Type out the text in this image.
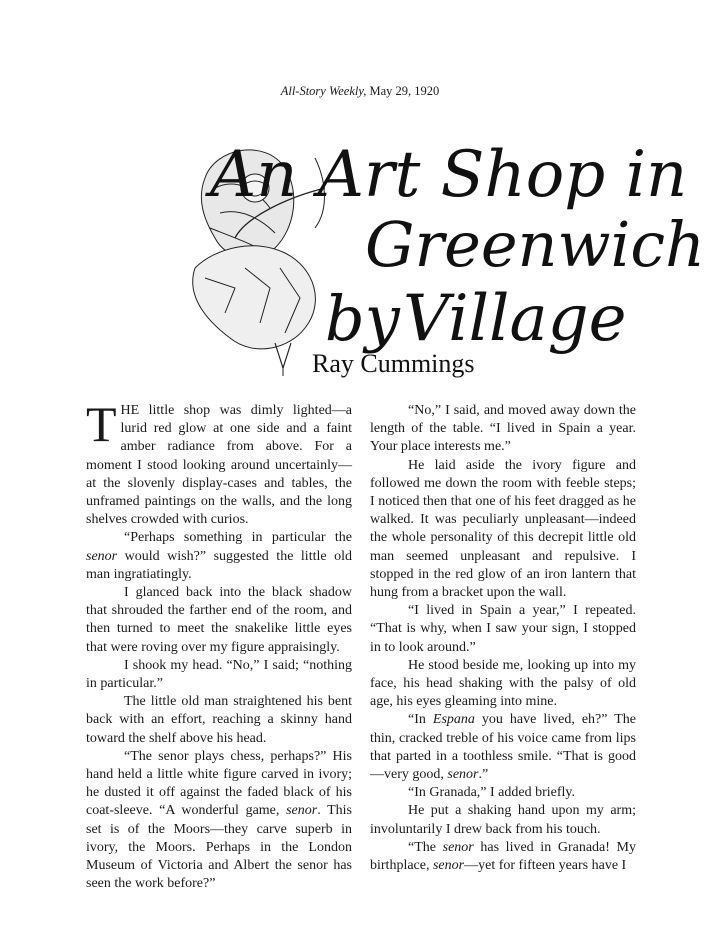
All-Story Weekly, May 29, 1920
An Art Shop in
Greenwich
by Village
Ray Cummings

THE little shop was dimly lighted—a lurid red glow at one side and a faint amber radiance from above. For a moment I stood looking around uncertainly—at the slovenly display-cases and tables, the unframed paintings on the walls, and the long shelves crowded with curios.

“Perhaps something in particular the senor would wish?” suggested the little old man ingratiatingly.

I glanced back into the black shadow that shrouded the farther end of the room, and then turned to meet the snakelike little eyes that were roving over my figure appraisingly.

I shook my head. “No,” I said; “nothing in particular.”

The little old man straightened his bent back with an effort, reaching a skinny hand toward the shelf above his head.

“The senor plays chess, perhaps?” His hand held a little white figure carved in ivory; he dusted it off against the faded black of his coat-sleeve. “A wonderful game, senor. This set is of the Moors—they carve superb in ivory, the Moors. Perhaps in the London Museum of Victoria and Albert the senor has seen the work before?”

“No,” I said, and moved away down the length of the table. “I lived in Spain a year. Your place interests me.”

He laid aside the ivory figure and followed me down the room with feeble steps; I noticed then that one of his feet dragged as he walked. It was peculiarly unpleasant—indeed the whole personality of this decrepit little old man seemed unpleasant and repulsive. I stopped in the red glow of an iron lantern that hung from a bracket upon the wall.

“I lived in Spain a year,” I repeated. “That is why, when I saw your sign, I stopped in to look around.”

He stood beside me, looking up into my face, his head shaking with the palsy of old age, his eyes gleaming into mine.

“In Espana you have lived, eh?” The thin, cracked treble of his voice came from lips that parted in a toothless smile. “That is good—very good, senor.”

“In Granada,” I added briefly.

He put a shaking hand upon my arm; involuntarily I drew back from his touch.

“The senor has lived in Granada! My birthplace, senor—yet for fifteen years have I
